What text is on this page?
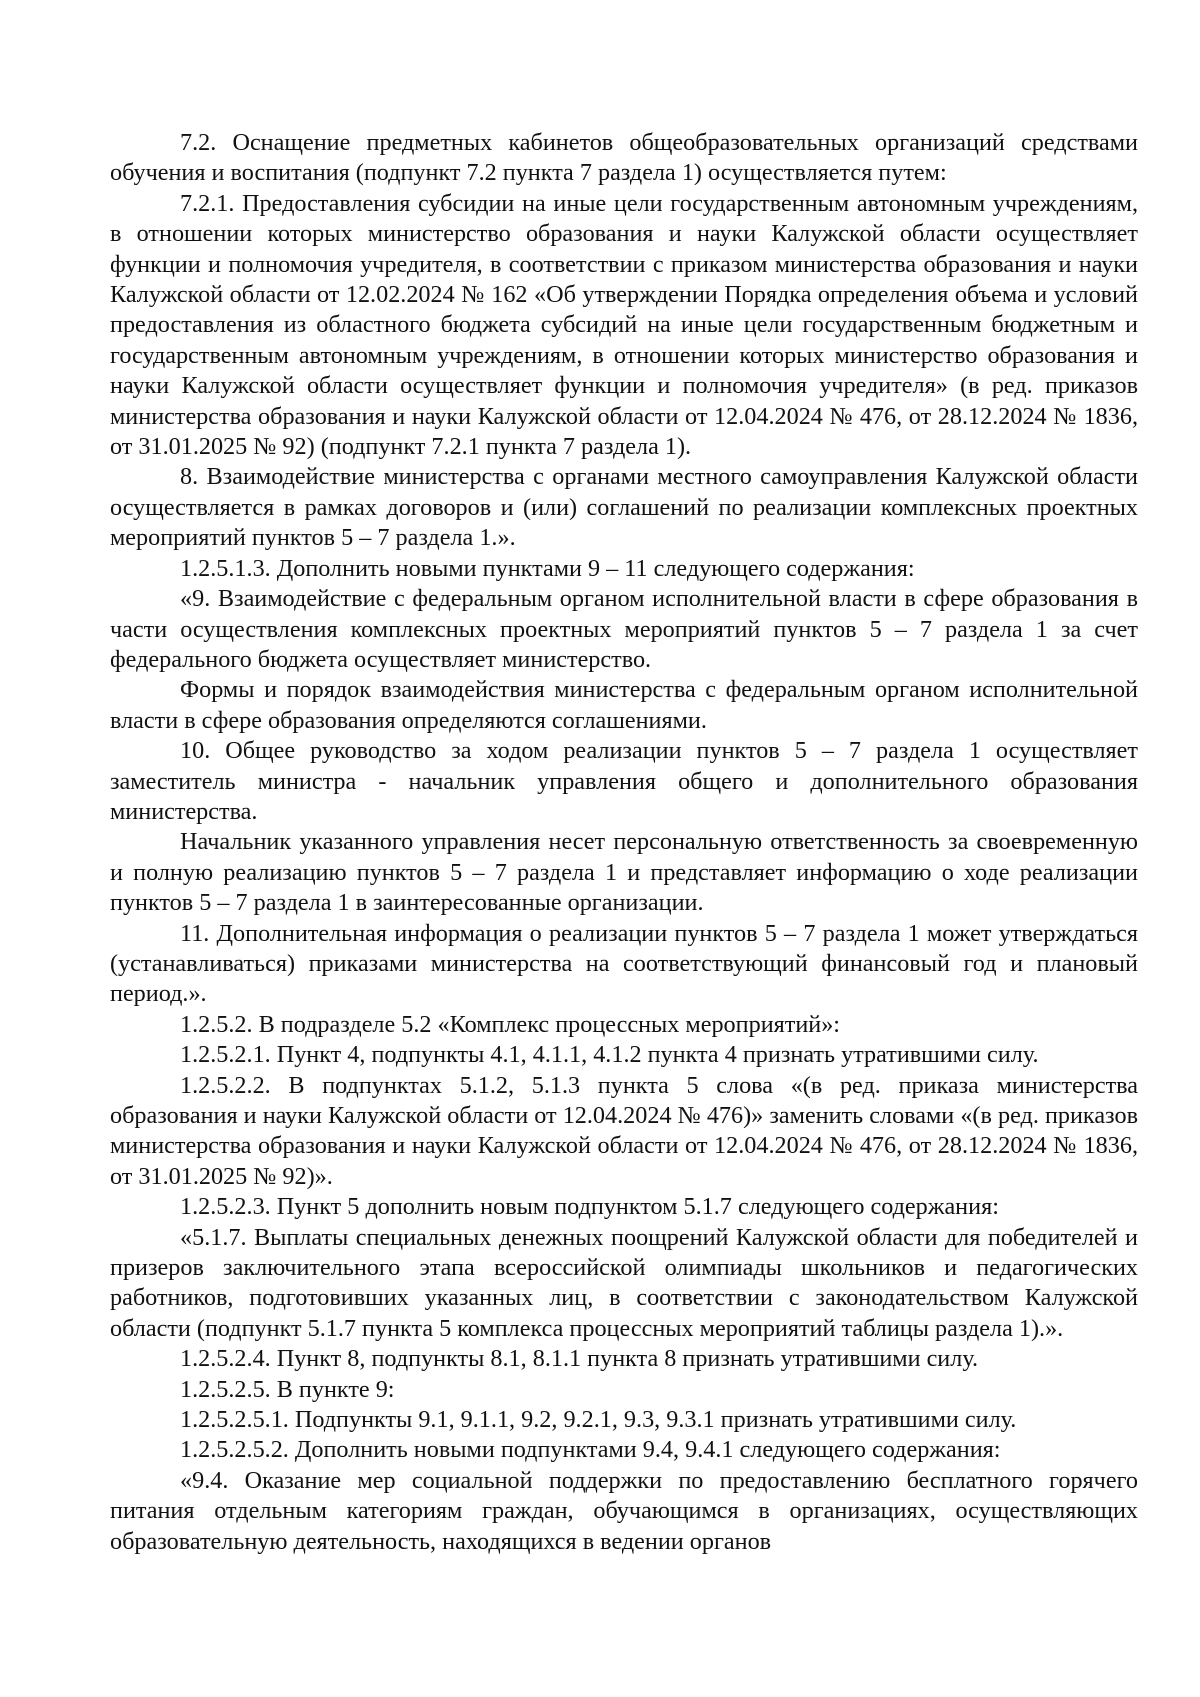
7.2. Оснащение предметных кабинетов общеобразовательных организаций средствами обучения и воспитания (подпункт 7.2 пункта 7 раздела 1) осуществляется путем:

7.2.1. Предоставления субсидии на иные цели государственным автономным учреждениям, в отношении которых министерство образования и науки Калужской области осуществляет функции и полномочия учредителя, в соответствии с приказом министерства образования и науки Калужской области от 12.02.2024 № 162 «Об утверждении Порядка определения объема и условий предоставления из областного бюджета субсидий на иные цели государственным бюджетным и государственным автономным учреждениям, в отношении которых министерство образования и науки Калужской области осуществляет функции и полномочия учредителя» (в ред. приказов министерства образования и науки Калужской области от 12.04.2024 № 476, от 28.12.2024 № 1836, от 31.01.2025 № 92) (подпункт 7.2.1 пункта 7 раздела 1).

8. Взаимодействие министерства с органами местного самоуправления Калужской области осуществляется в рамках договоров и (или) соглашений по реализации комплексных проектных мероприятий пунктов 5 – 7 раздела 1.».

1.2.5.1.3. Дополнить новыми пунктами 9 – 11 следующего содержания:

«9. Взаимодействие с федеральным органом исполнительной власти в сфере образования в части осуществления комплексных проектных мероприятий пунктов 5 – 7 раздела 1 за счет федерального бюджета осуществляет министерство.

Формы и порядок взаимодействия министерства с федеральным органом исполнительной власти в сфере образования определяются соглашениями.

10. Общее руководство за ходом реализации пунктов 5 – 7 раздела 1 осуществляет заместитель министра - начальник управления общего и дополнительного образования министерства.

Начальник указанного управления несет персональную ответственность за своевременную и полную реализацию пунктов 5 – 7 раздела 1 и представляет информацию о ходе реализации пунктов 5 – 7 раздела 1 в заинтересованные организации.

11. Дополнительная информация о реализации пунктов 5 – 7 раздела 1 может утверждаться (устанавливаться) приказами министерства на соответствующий финансовый год и плановый период.».

1.2.5.2. В подразделе 5.2 «Комплекс процессных мероприятий»:

1.2.5.2.1. Пункт 4, подпункты 4.1, 4.1.1, 4.1.2 пункта 4 признать утратившими силу.

1.2.5.2.2. В подпунктах 5.1.2, 5.1.3 пункта 5 слова «(в ред. приказа министерства образования и науки Калужской области от 12.04.2024 № 476)» заменить словами «(в ред. приказов министерства образования и науки Калужской области от 12.04.2024 № 476, от 28.12.2024 № 1836, от 31.01.2025 № 92)».

1.2.5.2.3. Пункт 5 дополнить новым подпунктом 5.1.7 следующего содержания:

«5.1.7. Выплаты специальных денежных поощрений Калужской области для победителей и призеров заключительного этапа всероссийской олимпиады школьников и педагогических работников, подготовивших указанных лиц, в соответствии с законодательством Калужской области (подпункт 5.1.7 пункта 5 комплекса процессных мероприятий таблицы раздела 1).».

1.2.5.2.4. Пункт 8, подпункты 8.1, 8.1.1 пункта 8 признать утратившими силу.

1.2.5.2.5. В пункте 9:

1.2.5.2.5.1. Подпункты 9.1, 9.1.1, 9.2, 9.2.1, 9.3, 9.3.1 признать утратившими силу.

1.2.5.2.5.2. Дополнить новыми подпунктами 9.4, 9.4.1 следующего содержания:

«9.4. Оказание мер социальной поддержки по предоставлению бесплатного горячего питания отдельным категориям граждан, обучающимся в организациях, осуществляющих образовательную деятельность, находящихся в ведении органов
